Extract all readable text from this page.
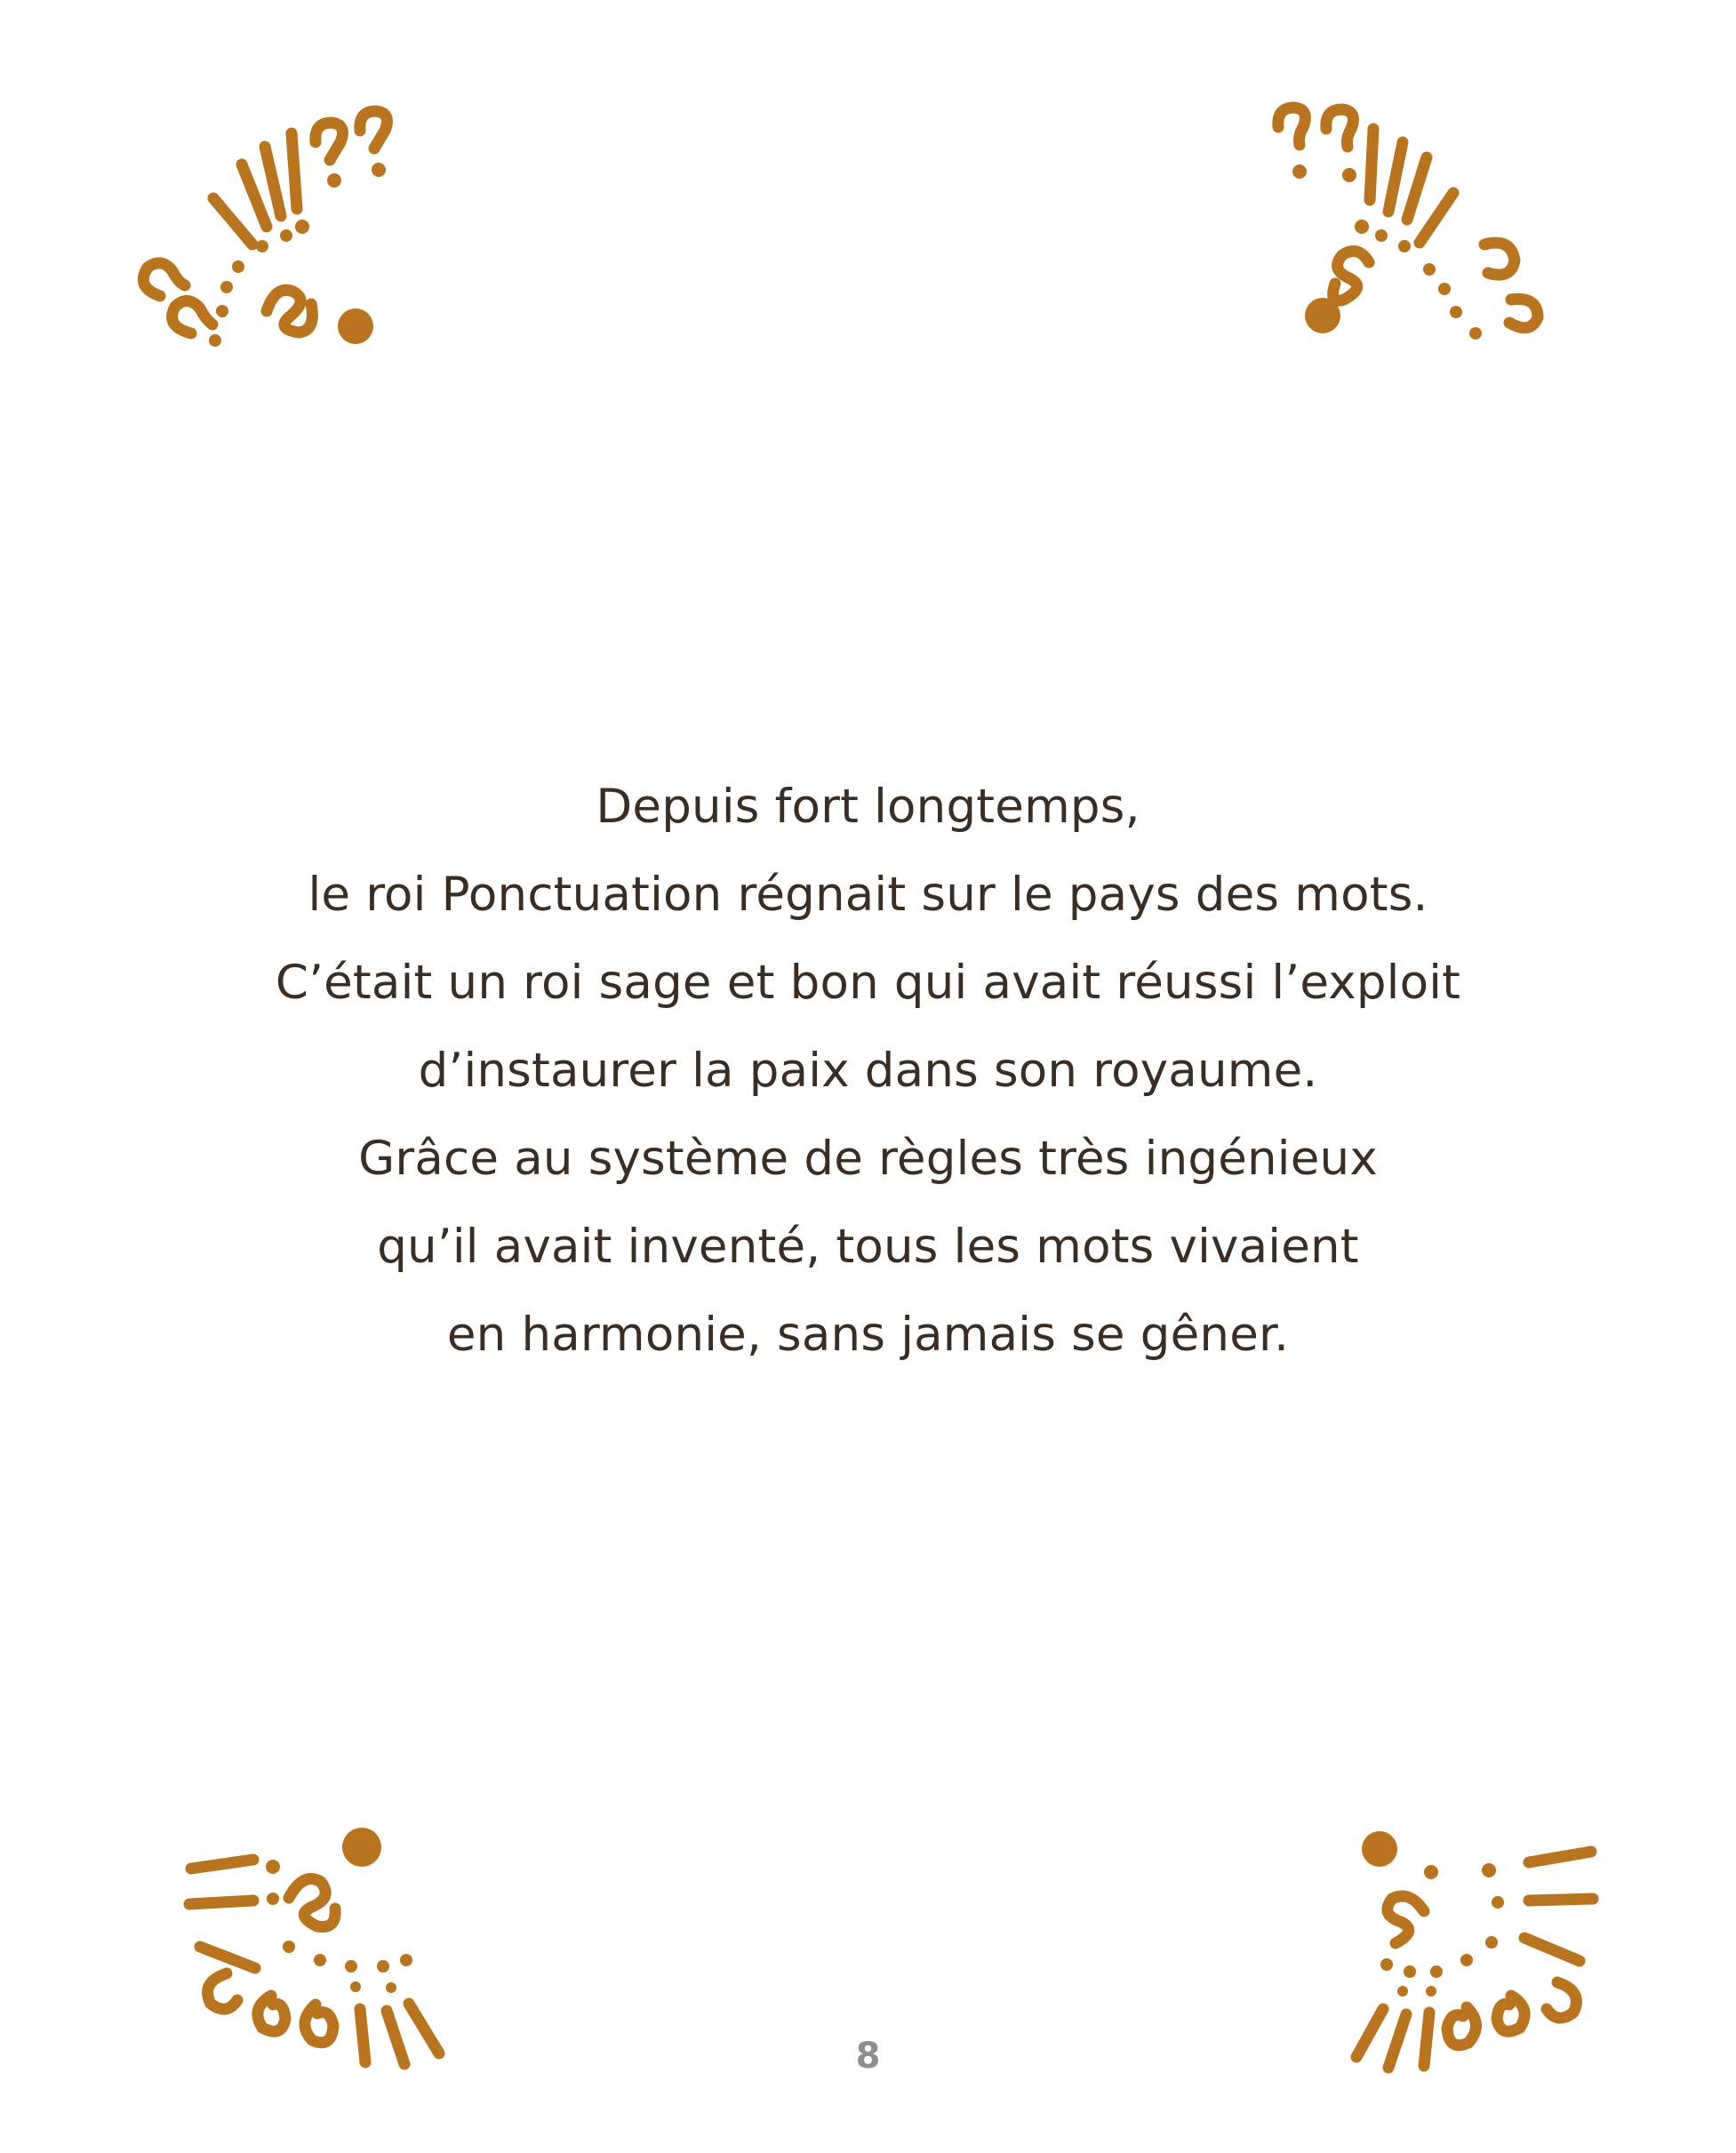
Depuis fort longtemps,
le roi Ponctuation régnait sur le pays des mots.
C’était un roi sage et bon qui avait réussi l’exploit
d’instaurer la paix dans son royaume.
Grâce au système de règles très ingénieux
qu’il avait inventé, tous les mots vivaient
en harmonie, sans jamais se gêner.
8
